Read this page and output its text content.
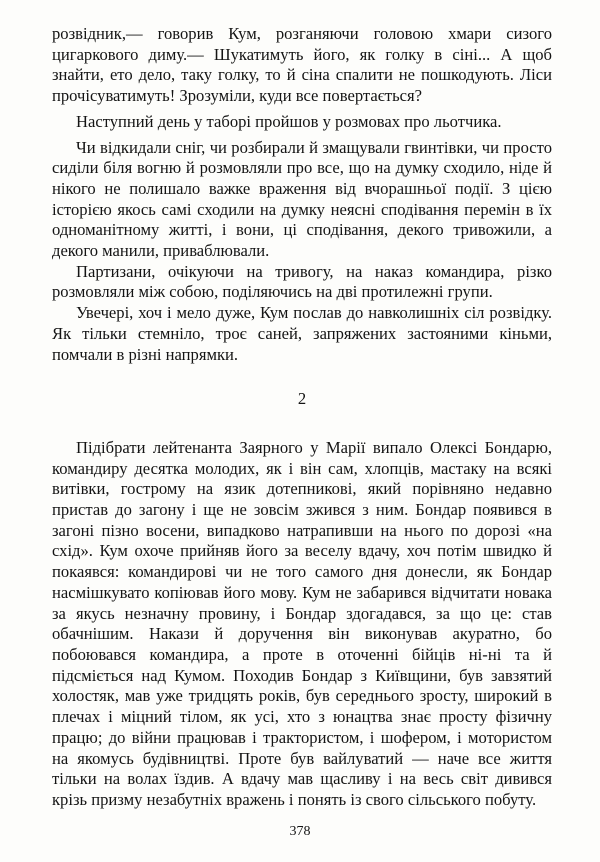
розвідник,— говорив Кум, розганяючи головою хмари сизого цигаркового диму.— Шукатимуть його, як голку в сіні... А щоб знайти, ето дело, таку голку, то й сіна спалити не пошкодують. Ліси прочісуватимуть! Зрозуміли, куди все повертається?

Наступний день у таборі пройшов у розмовах про льотчика.

Чи відкидали сніг, чи розбирали й змащували гвинтівки, чи просто сиділи біля вогню й розмовляли про все, що на думку сходило, ніде й нікого не полишало важке враження від вчорашньої події. З цією історією якось самі сходили на думку неясні сподівання перемін в їх одноманітному житті, і вони, ці сподівання, декого тривожили, а декого манили, приваблювали.

Партизани, очікуючи на тривогу, на наказ командира, різко розмовляли між собою, поділяючись на дві протилежні групи.

Увечері, хоч і мело дуже, Кум послав до навколишніх сіл розвідку. Як тільки стемніло, троє саней, запряжених застояними кіньми, помчали в різні напрямки.

2

Підібрати лейтенанта Заярного у Марії випало Олексі Бондарю, командиру десятка молодих, як і він сам, хлопців, мастаку на всякі витівки, гострому на язик дотепникові, який порівняно недавно пристав до загону і ще не зовсім зжився з ним. Бондар появився в загоні пізно восени, випадково натрапивши на нього по дорозі «на схід». Кум охоче прийняв його за веселу вдачу, хоч потім швидко й покаявся: командирові чи не того самого дня донесли, як Бондар насмішкувато копіював його мову. Кум не забарився відчитати новака за якусь незначну провину, і Бондар здогадався, за що це: став обачнішим. Накази й доручення він виконував акуратно, бо побоювався командира, а проте в оточенні бійців ні-ні та й підсміється над Кумом. Походив Бондар з Київщини, був завзятий холостяк, мав уже тридцять років, був середнього зросту, широкий в плечах і міцний тілом, як усі, хто з юнацтва знає просту фізичну працю; до війни працював і трактористом, і шофером, і мотористом на якомусь будівництві. Проте був вайлуватий — наче все життя тільки на волах їздив. А вдачу мав щасливу і на весь світ дивився крізь призму незабутніх вражень і понять із свого сільського побуту.

378
